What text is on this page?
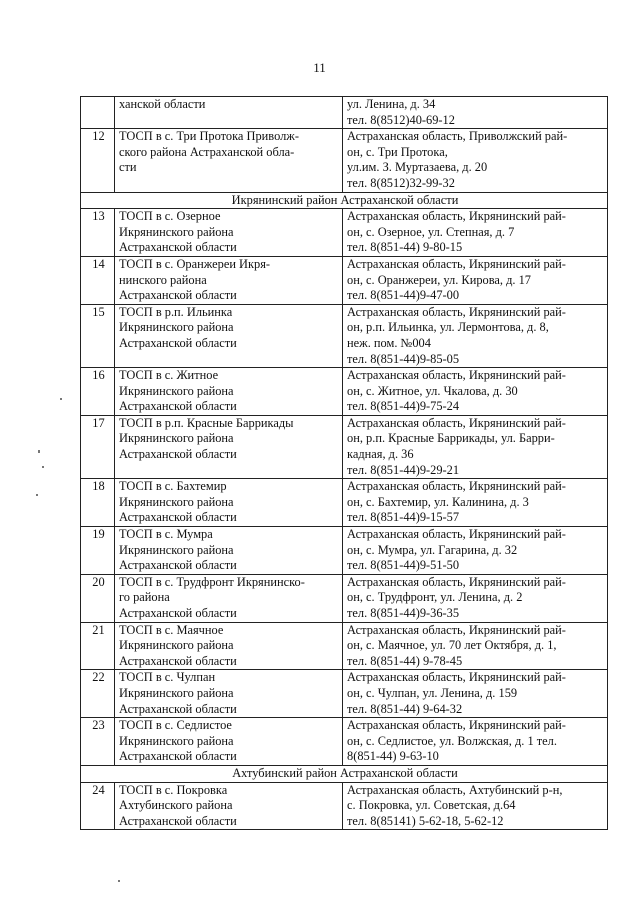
11

	ханской области	ул. Ленина, д. 34
тел. 8(8512)40-69-12

12	ТОСП в с. Три Протока Приволж-
ского района Астраханской обла-
сти	Астраханская область, Приволжский рай-
он, с. Три Протока,
ул.им. З. Муртазаева, д. 20
тел. 8(8512)32-99-32

Икрянинский район Астраханской области		
13	ТОСП в с. Озерное
Икрянинского района
Астраханской области	Астраханская область, Икрянинский рай-
он, с. Озерное, ул. Степная, д. 7
тел. 8(851-44) 9-80-15

14	ТОСП в с. Оранжереи Икря-
нинского района
Астраханской области	Астраханская область, Икрянинский рай-
он, с. Оранжереи, ул. Кирова, д. 17
тел. 8(851-44)9-47-00

15	ТОСП в р.п. Ильинка
Икрянинского района
Астраханской области	Астраханская область, Икрянинский рай-
он, р.п. Ильинка, ул. Лермонтова, д. 8,
неж. пом. №004
тел. 8(851-44)9-85-05

16	ТОСП в с. Житное
Икрянинского района
Астраханской области	Астраханская область, Икрянинский рай-
он, с. Житное, ул. Чкалова, д. 30
тел. 8(851-44)9-75-24

17	ТОСП в р.п. Красные Баррикады
Икрянинского района
Астраханской области	Астраханская область, Икрянинский рай-
он, р.п. Красные Баррикады, ул. Барри-
кадная, д. 36
тел. 8(851-44)9-29-21

18	ТОСП в с. Бахтемир
Икрянинского района
Астраханской области	Астраханская область, Икрянинский рай-
он, с. Бахтемир, ул. Калинина, д. 3
тел. 8(851-44)9-15-57

19	ТОСП в с. Мумра
Икрянинского района
Астраханской области	Астраханская область, Икрянинский рай-
он, с. Мумра, ул. Гагарина, д. 32
тел. 8(851-44)9-51-50

20	ТОСП в с. Трудфронт Икрянинско-
го района
Астраханской области	Астраханская область, Икрянинский рай-
он, с. Трудфронт, ул. Ленина, д. 2
тел. 8(851-44)9-36-35

21	ТОСП в с. Маячное
Икрянинского района
Астраханской области	Астраханская область, Икрянинский рай-
он, с. Маячное, ул. 70 лет Октября, д. 1,
тел. 8(851-44) 9-78-45

22	ТОСП в с. Чулпан
Икрянинского района
Астраханской области	Астраханская область, Икрянинский рай-
он, с. Чулпан, ул. Ленина, д. 159
тел. 8(851-44) 9-64-32

23	ТОСП в с. Седлистое
Икрянинского района
Астраханской области	Астраханская область, Икрянинский рай-
он, с. Седлистое, ул. Волжская, д. 1 тел.
8(851-44) 9-63-10

Ахтубинский район Астраханской области		
24	ТОСП в с. Покровка
Ахтубинского района
Астраханской области	Астраханская область, Ахтубинский р-н,
с. Покровка, ул. Советская, д.64
тел. 8(85141) 5-62-18, 5-62-12
